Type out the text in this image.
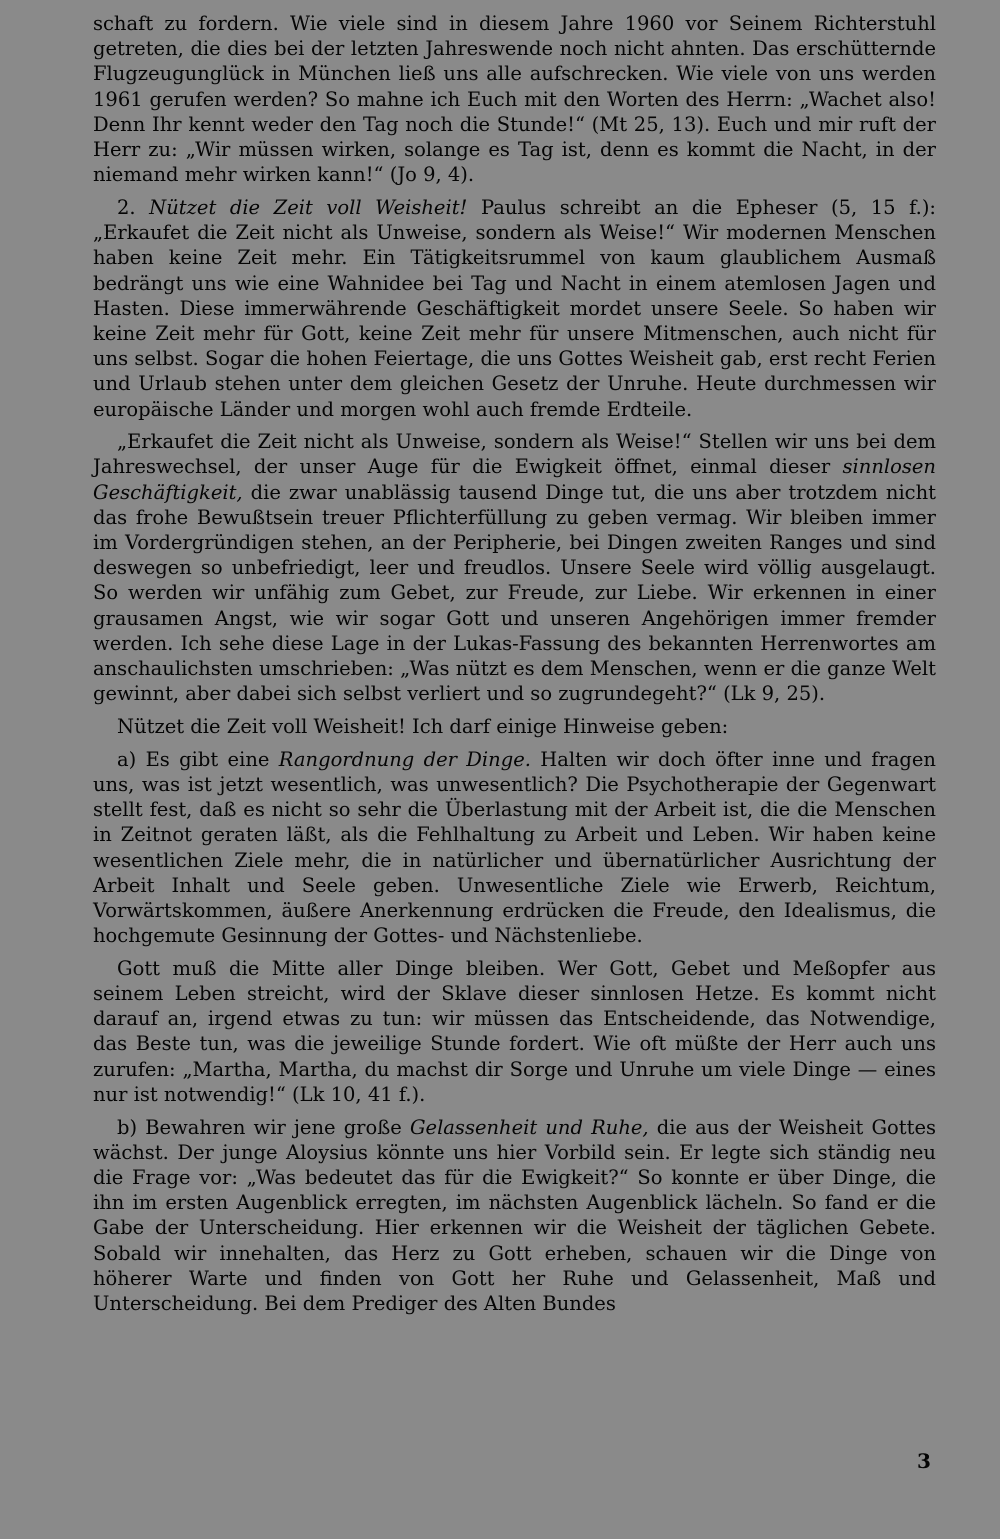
schaft zu fordern. Wie viele sind in diesem Jahre 1960 vor Seinem Richterstuhl getreten, die dies bei der letzten Jahreswende noch nicht ahnten. Das erschütternde Flugzeugunglück in München ließ uns alle aufschrecken. Wie viele von uns werden 1961 gerufen werden? So mahne ich Euch mit den Worten des Herrn: „Wachet also! Denn Ihr kennt weder den Tag noch die Stunde!“ (Mt 25, 13). Euch und mir ruft der Herr zu: „Wir müssen wirken, solange es Tag ist, denn es kommt die Nacht, in der niemand mehr wirken kann!“ (Jo 9, 4).

2. Nützet die Zeit voll Weisheit! Paulus schreibt an die Epheser (5, 15 f.): „Erkaufet die Zeit nicht als Unweise, sondern als Weise!“ Wir modernen Menschen haben keine Zeit mehr. Ein Tätigkeitsrummel von kaum glaublichem Ausmaß bedrängt uns wie eine Wahnidee bei Tag und Nacht in einem atemlosen Jagen und Hasten. Diese immerwährende Geschäftigkeit mordet unsere Seele. So haben wir keine Zeit mehr für Gott, keine Zeit mehr für unsere Mitmenschen, auch nicht für uns selbst. Sogar die hohen Feiertage, die uns Gottes Weisheit gab, erst recht Ferien und Urlaub stehen unter dem gleichen Gesetz der Unruhe. Heute durchmessen wir europäische Länder und morgen wohl auch fremde Erdteile.

„Erkaufet die Zeit nicht als Unweise, sondern als Weise!“ Stellen wir uns bei dem Jahreswechsel, der unser Auge für die Ewigkeit öffnet, einmal dieser sinnlosen Geschäftigkeit, die zwar unablässig tausend Dinge tut, die uns aber trotzdem nicht das frohe Bewußtsein treuer Pflichterfüllung zu geben vermag. Wir bleiben immer im Vordergründigen stehen, an der Peripherie, bei Dingen zweiten Ranges und sind deswegen so unbefriedigt, leer und freudlos. Unsere Seele wird völlig ausgelaugt. So werden wir unfähig zum Gebet, zur Freude, zur Liebe. Wir erkennen in einer grausamen Angst, wie wir sogar Gott und unseren Angehörigen immer fremder werden. Ich sehe diese Lage in der Lukas-Fassung des bekannten Herrenwortes am anschaulichsten umschrieben: „Was nützt es dem Menschen, wenn er die ganze Welt gewinnt, aber dabei sich selbst verliert und so zugrundegeht?“ (Lk 9, 25).

Nützet die Zeit voll Weisheit! Ich darf einige Hinweise geben:

a) Es gibt eine Rangordnung der Dinge. Halten wir doch öfter inne und fragen uns, was ist jetzt wesentlich, was unwesentlich? Die Psychotherapie der Gegenwart stellt fest, daß es nicht so sehr die Überlastung mit der Arbeit ist, die die Menschen in Zeitnot geraten läßt, als die Fehlhaltung zu Arbeit und Leben. Wir haben keine wesentlichen Ziele mehr, die in natürlicher und übernatürlicher Ausrichtung der Arbeit Inhalt und Seele geben. Unwesentliche Ziele wie Erwerb, Reichtum, Vorwärtskommen, äußere Anerkennung erdrücken die Freude, den Idealismus, die hochgemute Gesinnung der Gottes- und Nächstenliebe.

Gott muß die Mitte aller Dinge bleiben. Wer Gott, Gebet und Meßopfer aus seinem Leben streicht, wird der Sklave dieser sinnlosen Hetze. Es kommt nicht darauf an, irgend etwas zu tun: wir müssen das Entscheidende, das Notwendige, das Beste tun, was die jeweilige Stunde fordert. Wie oft müßte der Herr auch uns zurufen: „Martha, Martha, du machst dir Sorge und Unruhe um viele Dinge — eines nur ist notwendig!“ (Lk 10, 41 f.).

b) Bewahren wir jene große Gelassenheit und Ruhe, die aus der Weisheit Gottes wächst. Der junge Aloysius könnte uns hier Vorbild sein. Er legte sich ständig neu die Frage vor: „Was bedeutet das für die Ewigkeit?“ So konnte er über Dinge, die ihn im ersten Augenblick erregten, im nächsten Augenblick lächeln. So fand er die Gabe der Unterscheidung. Hier erkennen wir die Weisheit der täglichen Gebete. Sobald wir innehalten, das Herz zu Gott erheben, schauen wir die Dinge von höherer Warte und finden von Gott her Ruhe und Gelassenheit, Maß und Unterscheidung. Bei dem Prediger des Alten Bundes

3
